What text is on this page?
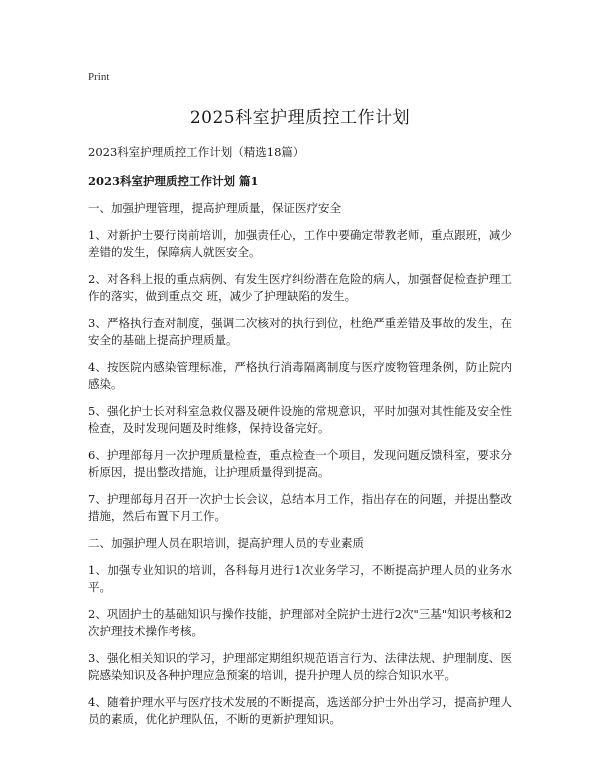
Print
2025科室护理质控工作计划

2023科室护理质控工作计划（精选18篇）

2023科室护理质控工作计划 篇1

一、加强护理管理，提高护理质量，保证医疗安全

1、对新护士要行岗前培训，加强责任心，工作中要确定带教老师，重点跟班，减少差错的发生，保障病人就医安全。

2、对各科上报的重点病例、有发生医疗纠纷潜在危险的病人，加强督促检查护理工作的落实，做到重点交 班，减少了护理缺陷的发生。

3、严格执行查对制度，强调二次核对的执行到位，杜绝严重差错及事故的发生，在安全的基础上提高护理质量。

4、按医院内感染管理标准，严格执行消毒隔离制度与医疗废物管理条例，防止院内感染。

5、强化护士长对科室急救仪器及硬件设施的常规意识，平时加强对其性能及安全性检查，及时发现问题及时维修，保持设备完好。

6、护理部每月一次护理质量检查，重点检查一个项目，发现问题反馈科室，要求分析原因，提出整改措施，让护理质量得到提高。

7、护理部每月召开一次护士长会议，总结本月工作，指出存在的问题，并提出整改措施，然后布置下月工作。

二、加强护理人员在职培训，提高护理人员的专业素质

1、加强专业知识的培训，各科每月进行1次业务学习，不断提高护理人员的业务水平。

2、巩固护士的基础知识与操作技能，护理部对全院护士进行2次"三基"知识考核和2次护理技术操作考核。

3、强化相关知识的学习，护理部定期组织规范语言行为、法律法规、护理制度、医院感染知识及各种护理应急预案的培训，提升护理人员的综合知识水平。

4、随着护理水平与医疗技术发展的不断提高，选送部分护士外出学习，提高护理人员的素质，优化护理队伍，不断的更新护理知识。
